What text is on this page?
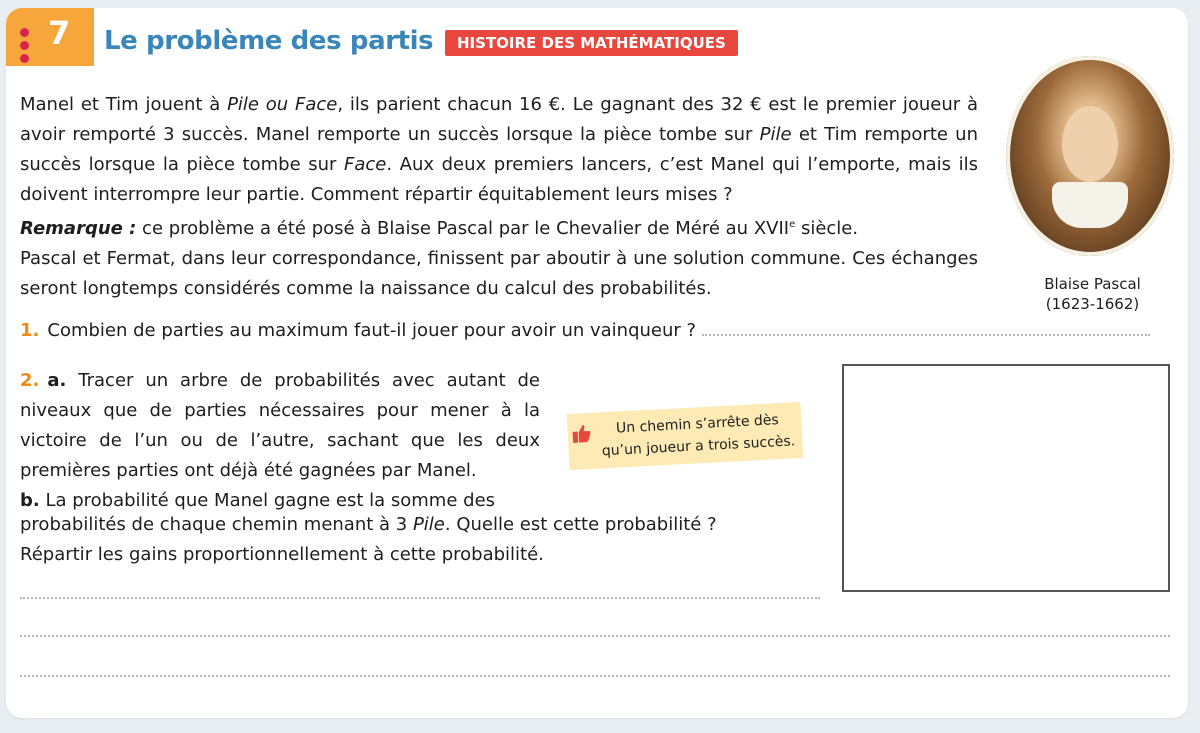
7 Le problème des partis	HISTOIRE DES MATHÉMATIQUES

Manel et Tim jouent à Pile ou Face, ils parient chacun 16 €. Le gagnant des 32 € est le premier joueur à avoir remporté 3 succès. Manel remporte un succès lorsque la pièce tombe sur Pile et Tim remporte un succès lorsque la pièce tombe sur Face. Aux deux premiers lancers, c’est Manel qui l’emporte, mais ils doivent interrompre leur partie. Comment répartir équitablement leurs mises ?

Remarque : ce problème a été posé à Blaise Pascal par le Chevalier de Méré au XVIIe siècle.

Pascal et Fermat, dans leur correspondance, finissent par aboutir à une solution commune. Ces échanges seront longtemps considérés comme la naissance du calcul des probabilités.	Blaise Pascal
(1623-1662)
1. Combien de parties au maximum faut-il jouer pour avoir un vainqueur ?

2. a. Tracer un arbre de probabilités avec autant de niveaux que de parties nécessaires pour mener à la victoire de l’un ou de l’autre, sachant que les deux premières parties ont déjà été gagnées par Manel.

b. La probabilité que Manel gagne est la somme des

probabilités de chaque chemin menant à 3 Pile. Quelle est cette probabilité ?

Répartir les gains proportionnellement à cette probabilité.

Un chemin s’arrête dès
qu’un joueur a trois succès.
